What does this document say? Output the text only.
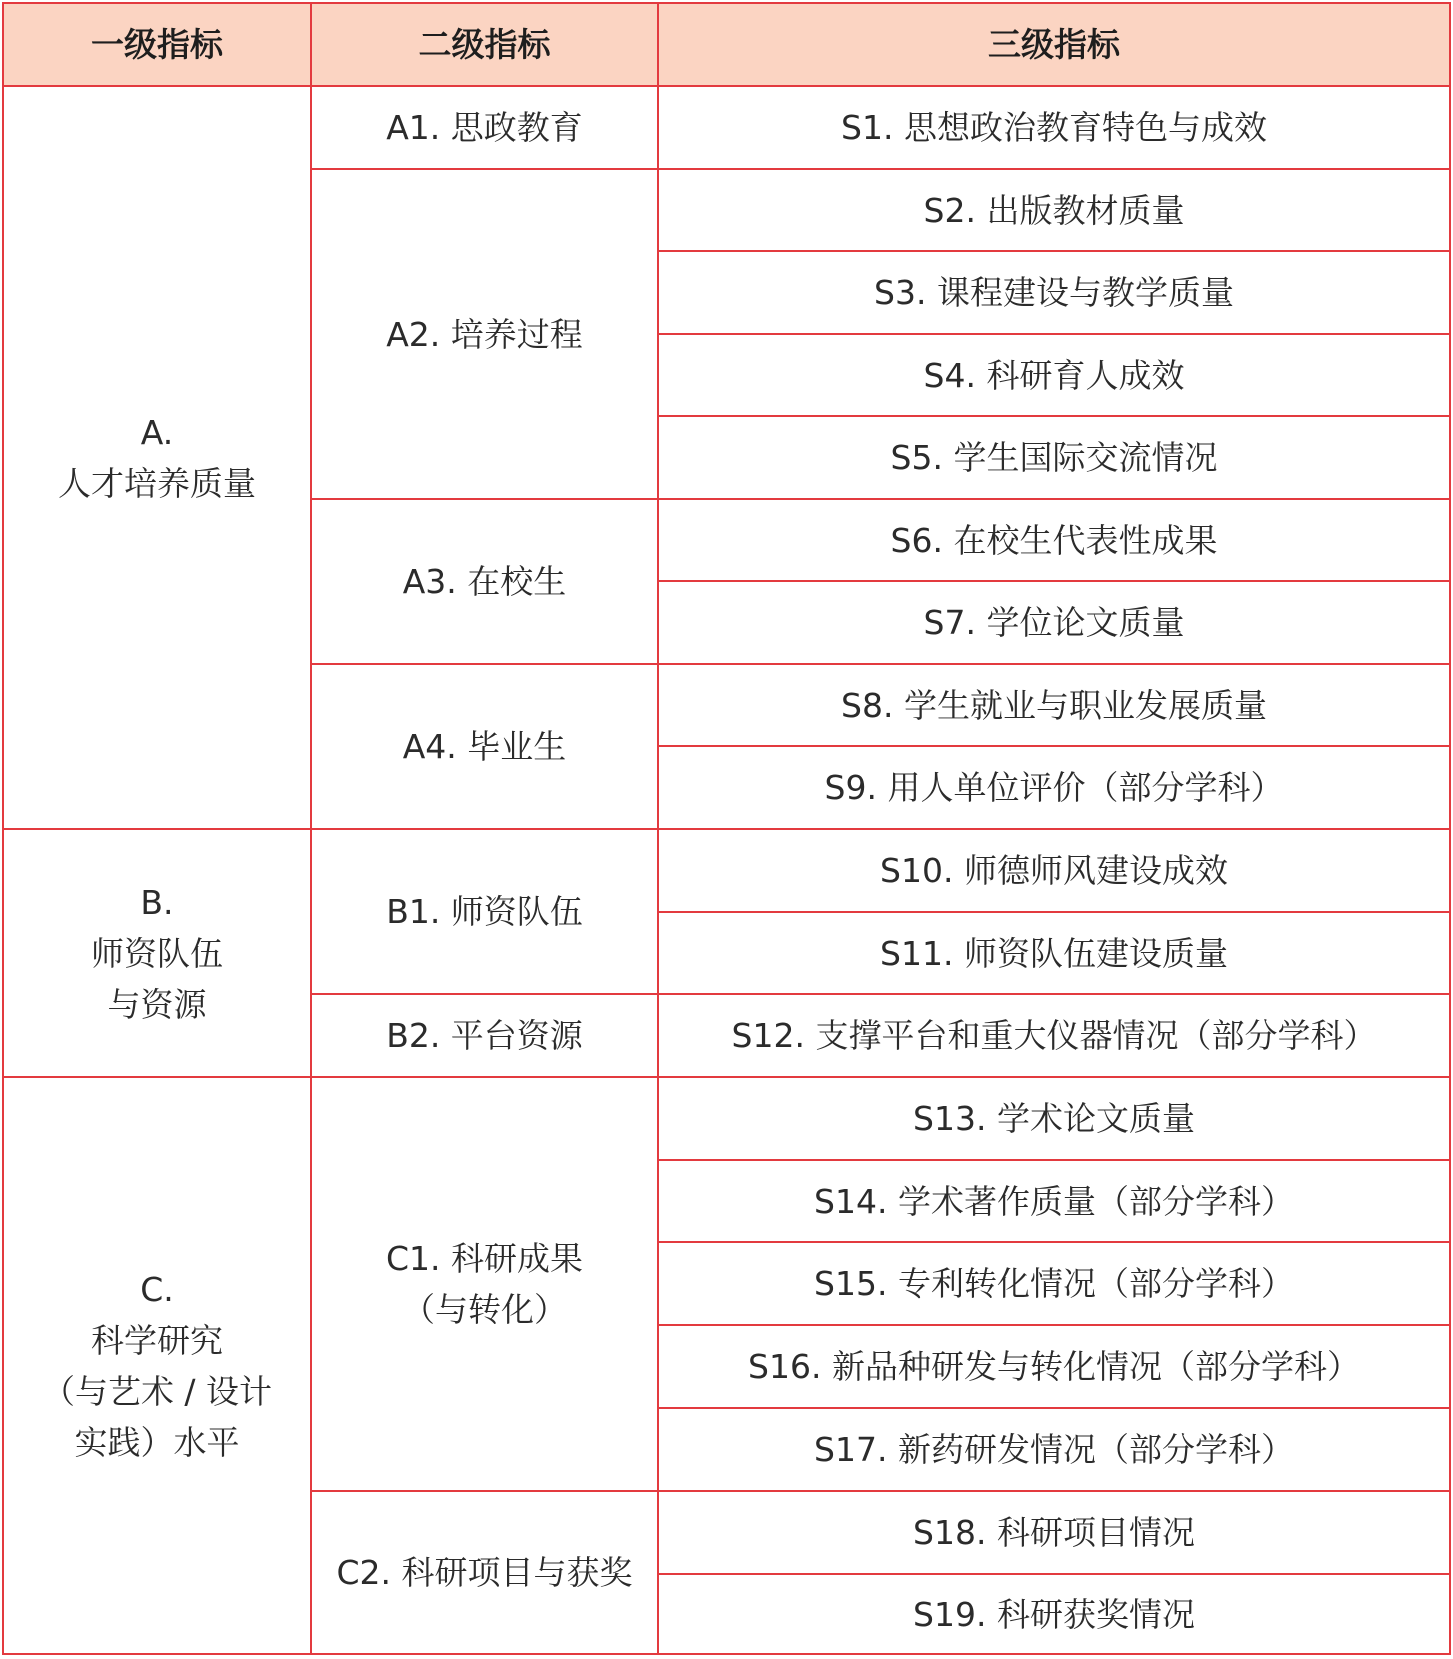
一级指标	二级指标	三级指标
A.
人才培养质量
B.
师资队伍
与资源
C.
科学研究
（与艺术 / 设计
实践）水平
A1. 思政教育
A2. 培养过程
A3. 在校生
A4. 毕业生
B1. 师资队伍
B2. 平台资源
C1. 科研成果
（与转化）
C2. 科研项目与获奖
S1. 思想政治教育特色与成效
S2. 出版教材质量
S3. 课程建设与教学质量
S4. 科研育人成效
S5. 学生国际交流情况
S6. 在校生代表性成果
S7. 学位论文质量
S8. 学生就业与职业发展质量
S9. 用人单位评价（部分学科）
S10. 师德师风建设成效
S11. 师资队伍建设质量
S12. 支撑平台和重大仪器情况（部分学科）
S13. 学术论文质量
S14. 学术著作质量（部分学科）
S15. 专利转化情况（部分学科）
S16. 新品种研发与转化情况（部分学科）
S17. 新药研发情况（部分学科）
S18. 科研项目情况
S19. 科研获奖情况
